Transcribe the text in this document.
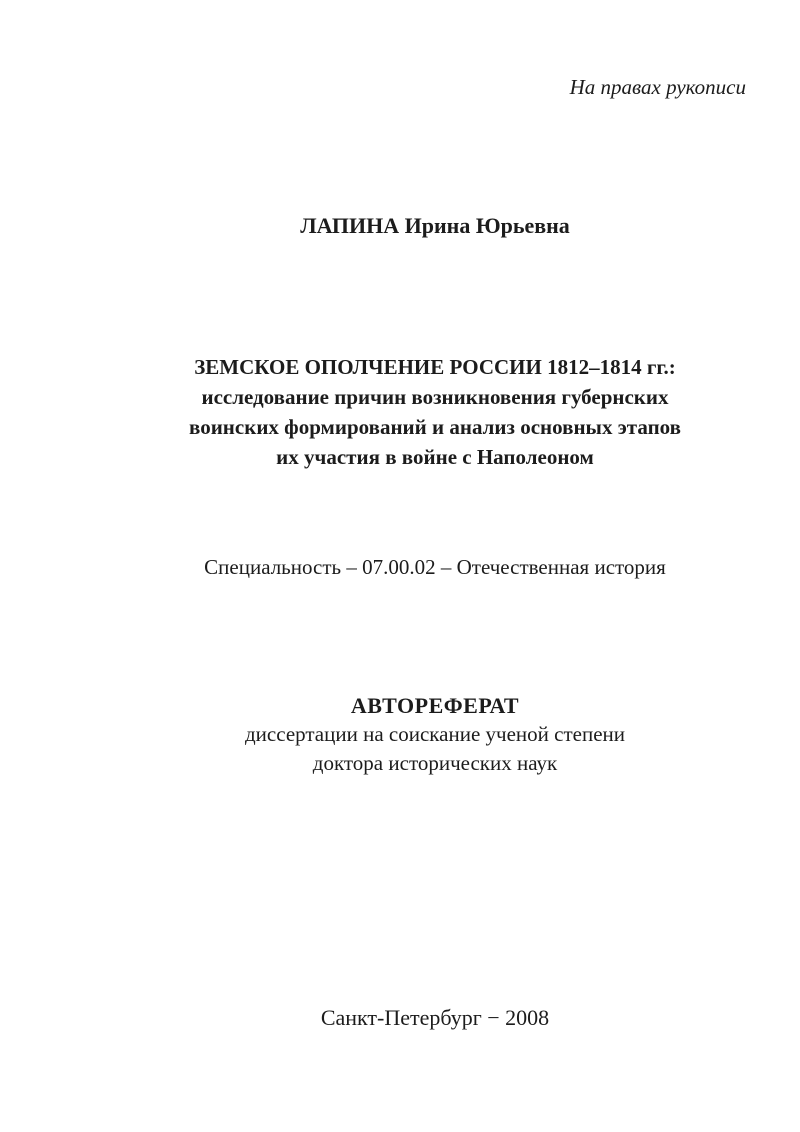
На правах рукописи
ЛАПИНА Ирина Юрьевна
ЗЕМСКОЕ ОПОЛЧЕНИЕ РОССИИ 1812–1814 гг.:
исследование причин возникновения губернских
воинских формирований и анализ основных этапов
их участия в войне с Наполеоном
Специальность – 07.00.02 – Отечественная история
АВТОРЕФЕРАТ
диссертации на соискание ученой степени
доктора исторических наук
Санкт-Петербург − 2008
